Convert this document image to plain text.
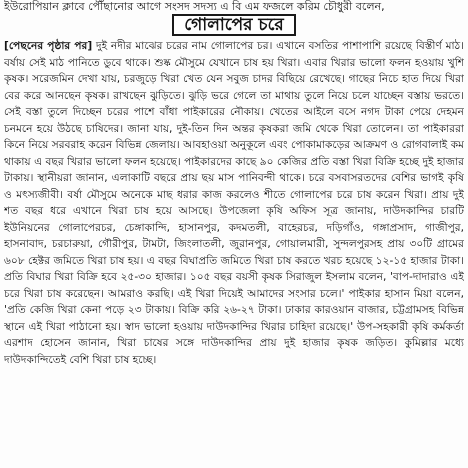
ইউরোপিয়ান ক্লাবে পৌঁছানোর আগে সংসদ সদস্য এ বি এম ফজলে করিম চৌধুরী বলেন,
গোলাপের চরে

[পেছনের পৃষ্ঠার পর] দুই নদীর মাঝের চরের নাম গোলাপের চর। এখানে বসতির পাশাপাশি রয়েছে বিস্তীর্ণ মাঠ। বর্ষায় সেই মাঠ পানিতে ডুবে থাকে। শুষ্ক মৌসুমে যেখানে চাষ হয় খিরা। এবার খিরার ভালো ফলন হওয়ায় খুশি কৃষক। সরেজমিন দেখা যায়, চরজুড়ে খিরা খেত যেন সবুজ চাদর বিছিয়ে রেখেছে। গাছের নিচে হাত দিয়ে খিরা বের করে আনছেন কৃষক। রাখছেন ঝুড়িতে। ঝুড়ি ভরে গেলে তা মাথায় তুলে নিয়ে চলে যাচ্ছেন বস্তায় ভরতে। সেই বস্তা তুলে দিচ্ছেন চরের পাশে বাঁধা পাইকারের নৌকায়। খেতের আইলে বসে নগদ টাকা পেয়ে দেহমন চনমনে হয়ে উঠছে চাষিদের। জানা যায়, দুই-তিন দিন অন্তর কৃষকরা জমি থেকে খিরা তোলেন। তা পাইকাররা কিনে নিয়ে সরবরাহ করেন বিভিন্ন জেলায়। আবহাওয়া অনুকূলে এবং পোকামাকড়ের আক্রমণ ও রোগবালাই কম থাকায় এ বছর খিরার ভালো ফলন হয়েছে। পাইকারদের কাছে ৯০ কেজির প্রতি বস্তা খিরা বিক্রি হচ্ছে দুই হাজার টাকায়। স্থানীয়রা জানান, এলাকাটি বছরে প্রায় ছয় মাস পানিবন্দী থাকে। চরে বসবাসরতদের বেশির ভাগই কৃষি ও মৎস্যজীবী। বর্ষা মৌসুমে অনেকে মাছ ধরার কাজ করলেও শীতে গোলাপের চরে চাষ করেন খিরা। প্রায় দুই শত বছর ধরে এখানে খিরা চাষ হয়ে আসছে। উপজেলা কৃষি অফিস সূত্র জানায়, দাউদকান্দির চারটি ইউনিয়নের গোলাপেরচর, চেঙ্গাকান্দি, হাসানপুর, কদমতলী, বাহেরচর, দড়িগাঁও, গঙ্গাপ্রসাদ, গাজীপুর, হাসনাবাদ, চরচারুয়া, গৌরীপুর, টামটা, জিংলাতলী, জুরানপুর, গোয়ালমারী, সুন্দলপুরসহ প্রায় ৩০টি গ্রামের ৬০৮ হেক্টর জমিতে খিরা চাষ হয়। এ বছর বিঘাপ্রতি জমিতে খিরা চাষ করতে খরচ হয়েছে ১২-১৫ হাজার টাকা। প্রতি বিঘার খিরা বিক্রি হবে ২৫-৩০ হাজার। ১০৫ বছর বয়সী কৃষক সিরাজুল ইসলাম বলেন, 'বাপ-দাদারাও এই চরে খিরা চাষ করেছেন। আমরাও করছি। এই খিরা দিয়েই আমাদের সংসার চলে।' পাইকার হাসান মিয়া বলেন, 'প্রতি কেজি খিরা কেনা পড়ে ২৩ টাকায়। বিক্রি করি ২৬-২৭ টাকা। ঢাকার কারওয়ান বাজার, চট্টগ্রামসহ বিভিন্ন স্থানে এই খিরা পাঠানো হয়। স্বাদ ভালো হওয়ায় দাউদকান্দির খিরার চাহিদা রয়েছে।' উপ-সহকারী কৃষি কর্মকর্তা এরশাদ হোসেন জানান, খিরা চাষের সঙ্গে দাউদকান্দির প্রায় দুই হাজার কৃষক জড়িত। কুমিল্লার মধ্যে দাউদকান্দিতেই বেশি খিরা চাষ হচ্ছে।
